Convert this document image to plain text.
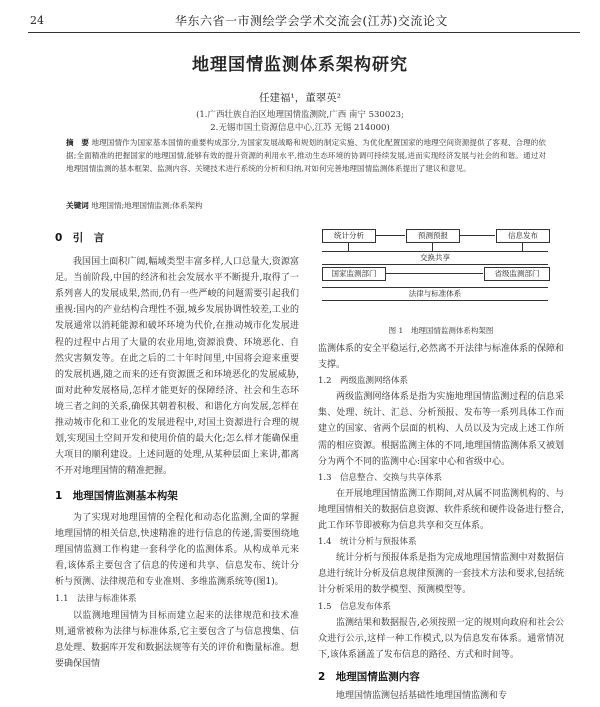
24	华东六省一市测绘学会学术交流会(江苏)交流论文
地理国情监测体系架构研究
任建福¹，董翠英²
(1.广西壮族自治区地理国情监测院,广西 南宁 530023;
2.无锡市国土资源信息中心,江苏 无锡 214000)
摘　要 地理国情作为国家基本国情的重要构成部分,为国家发展战略和规划的制定实施、为优化配置国家的地理空间资源提供了客观、合理的依据;全面精准的把握国家的地理国情,能够有效的提升资源的利用水平,推动生态环境的协调可持续发展,进而实现经济发展与社会的和谐。通过对地理国情监测的基本框架、监测内容、关键技术进行系统的分析和归纳,对如何完善地理国情监测体系提出了建议和意见。
关键词 地理国情;地理国情监测;体系架构
0　引　言

我国国土面积广阔,幅域类型丰富多样,人口总量大,资源富足。当前阶段,中国的经济和社会发展水平不断提升,取得了一系列喜人的发展成果,然而,仍有一些严峻的问题需要引起我们重视:国内的产业结构合理性不强,城乡发展协调性较差,工业的发展通常以消耗能源和破坏环境为代价,在推动城市化发展进程的过程中占用了大量的农业用地,资源浪费、环境恶化、自然灾害频发等。在此之后的二十年时间里,中国将会迎来重要的发展机遇,随之而来的还有资源匮乏和环境恶化的发展威胁,面对此种发展格局,怎样才能更好的保障经济、社会和生态环境三者之间的关系,确保其朝着积极、和谐化方向发展,怎样在推动城市化和工业化的发展进程中,对国土资源进行合理的规划,实现国土空间开发和使用价值的最大化;怎么样才能确保重大项目的顺利建设。上述问题的处理,从某种层面上来讲,都离不开对地理国情的精准把握。

1　地理国情监测基本构架

为了实现对地理国情的全程化和动态化监测,全面的掌握地理国情的相关信息,快速精准的进行信息的传递,需要围绕地理国情监测工作构建一套科学化的监测体系。从构成单元来看,该体系主要包含了信息的传递和共享、信息发布、统计分析与预测、法律规范和专业准则、多维监测系统等(图1)。

1.1　法律与标准体系

以监测地理国情为目标而建立起来的法律规范和技术准则,通常被称为法律与标准体系,它主要包含了与信息搜集、信息处理、数据库开发和数据法规等有关的评价和衡量标准。想要确保国情

统计分析	预测预报	信息发布
交换共享
国家监测部门	省级监测部门
法律与标准体系
图 1　地理国情监测体系构架图
监测体系的安全平稳运行,必然离不开法律与标准体系的保障和支撑。
1.2　两级监测网络体系

两级监测网络体系是指为实施地理国情监测过程的信息采集、处理、统计、汇总、分析预报、发布等一系列具体工作而建立的国家、省两个层面的机构、人员以及为完成上述工作所需的相应资源。根据监测主体的不同,地理国情监测体系又被划分为两个不同的监测中心:国家中心和省级中心。

1.3　信息整合、交换与共享体系

在开展地理国情监测工作期间,对从属不同监测机构的、与地理国情相关的数据信息资源、软件系统和硬件设备进行整合,此工作环节即被称为信息共享和交互体系。

1.4　统计分析与预报体系

统计分析与预报体系是指为完成地理国情监测中对数据信息进行统计分析及信息规律预测的一套技术方法和要求,包括统计分析采用的数学模型、预测模型等。

1.5　信息发布体系

监测结果和数据报告,必须按照一定的规则向政府和社会公众进行公示,这样一种工作模式,以为信息发布体系。通常情况下,该体系涵盖了发布信息的路径、方式和时间等。

2　地理国情监测内容

地理国情监测包括基础性地理国情监测和专
